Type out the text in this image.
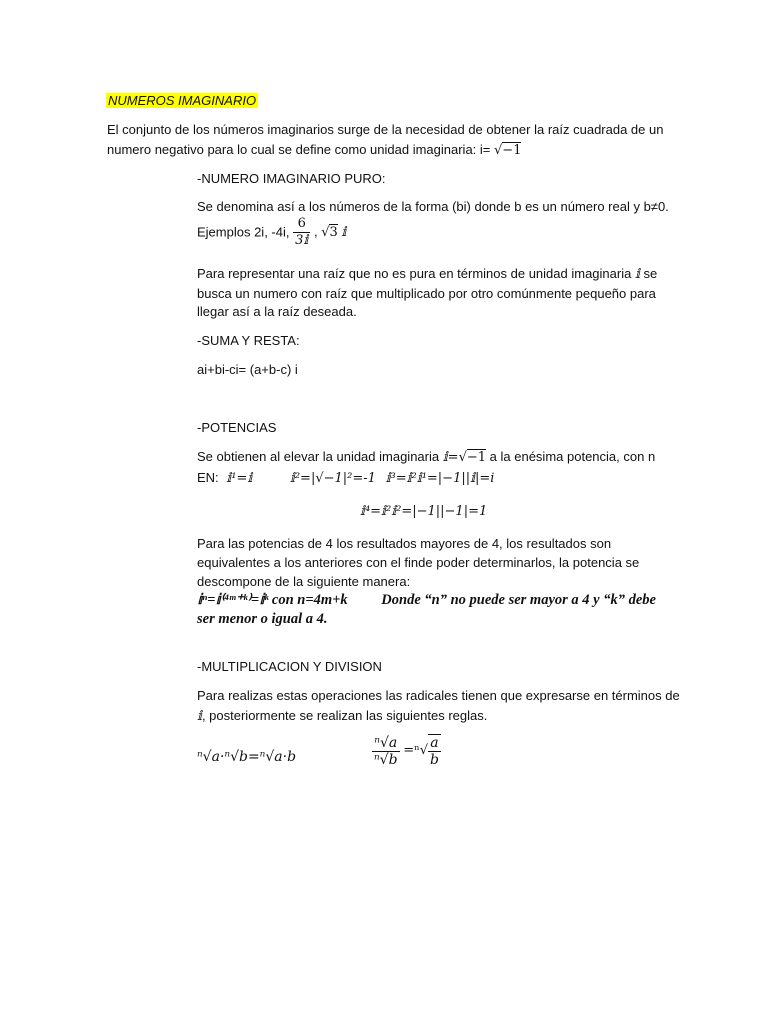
NUMEROS IMAGINARIO
El conjunto de los números imaginarios surge de la necesidad de obtener la raíz cuadrada de un
numero negativo para lo cual se define como unidad imaginaria: i= √−1
-NUMERO IMAGINARIO PURO:
Se denomina así a los números de la forma (bi) donde b es un número real y b≠0.
Ejemplos 2i, -4i, $\frac{6}{\text{3𝕚}}$ , √3 𝕚
Para representar una raíz que no es pura en términos de unidad imaginaria 𝕚 se
busca un numero con raíz que multiplicado por otro comúnmente pequeño para
llegar así a la raíz deseada.
-SUMA Y RESTA:
ai+bi-ci= (a+b-c) i
-POTENCIAS
Se obtienen al elevar la unidad imaginaria 𝕚=√−1 a la enésima potencia, con n
EN: 𝕚¹=𝕚	𝕚²=|√−1|²=-1 𝕚³=𝕚²𝕚¹=|−1||𝕚|=i
𝕚⁴=𝕚²𝕚²=|−1||−1|=1
Para las potencias de 4 los resultados mayores de 4, los resultados son
equivalentes a los anteriores con el finde poder determinarlos, la potencia se
descompone de la siguiente manera:
𝕚ⁿ=𝕚⁽⁴ᵐ⁺ᵏ⁾=𝕚ᵏ con n=4m+k Donde “n” no puede ser mayor a 4 y “k” debe
ser menor o igual a 4.
-MULTIPLICACION Y DIVISION
Para realizas estas operaciones las radicales tienen que expresarse en términos de
𝕚, posteriormente se realizan las siguientes reglas.
ⁿ√a·ⁿ√b=ⁿ√a·b	$\frac{\text{ⁿ√a}}{\text{ⁿ√b}} =^n√ \frac{a}{b}$
